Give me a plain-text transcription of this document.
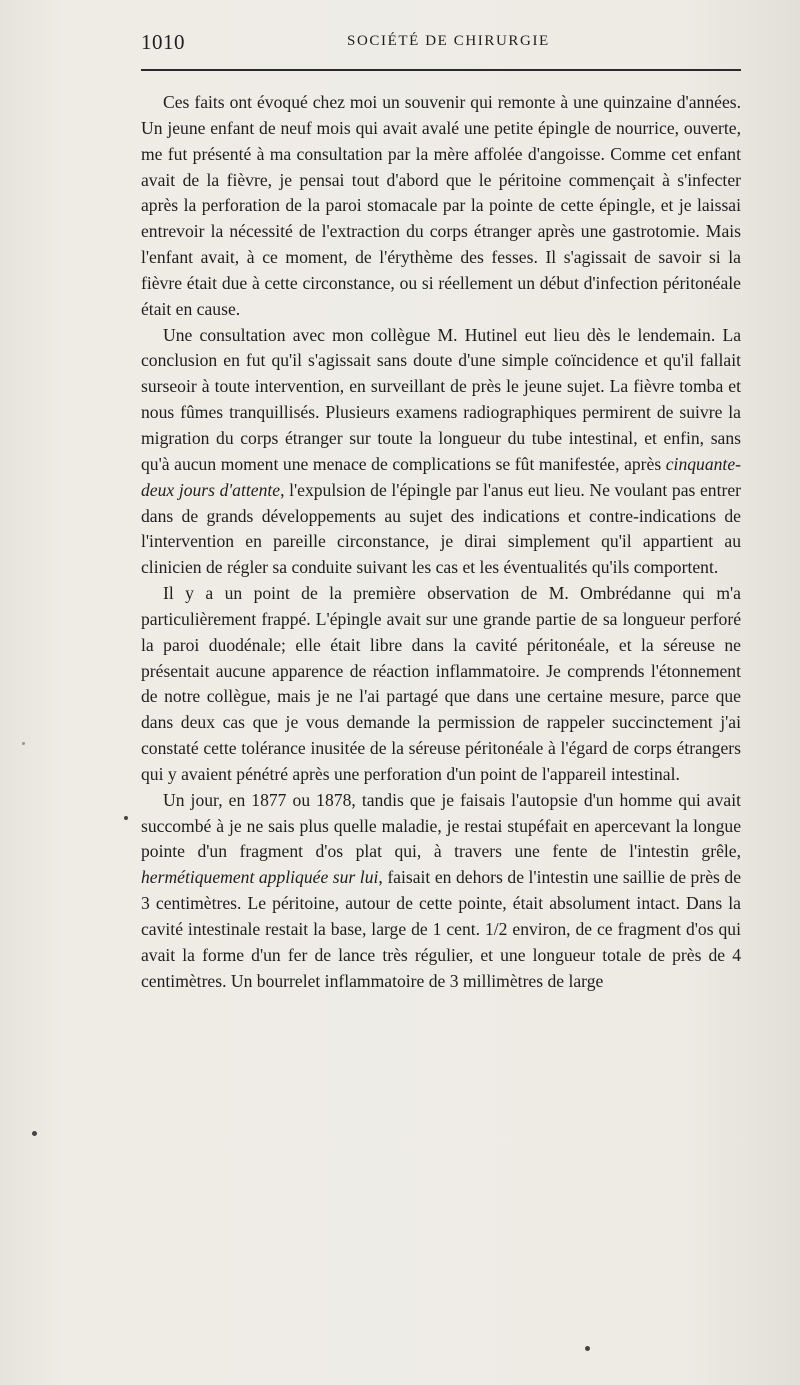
1010	SOCIÉTÉ DE CHIRURGIE

Ces faits ont évoqué chez moi un souvenir qui remonte à une quinzaine d'années. Un jeune enfant de neuf mois qui avait avalé une petite épingle de nourrice, ouverte, me fut présenté à ma consultation par la mère affolée d'angoisse. Comme cet enfant avait de la fièvre, je pensai tout d'abord que le péritoine commençait à s'infecter après la perforation de la paroi stomacale par la pointe de cette épingle, et je laissai entrevoir la nécessité de l'extraction du corps étranger après une gastrotomie. Mais l'enfant avait, à ce moment, de l'érythème des fesses. Il s'agissait de savoir si la fièvre était due à cette circonstance, ou si réellement un début d'infection péritonéale était en cause.

Une consultation avec mon collègue M. Hutinel eut lieu dès le lendemain. La conclusion en fut qu'il s'agissait sans doute d'une simple coïncidence et qu'il fallait surseoir à toute intervention, en surveillant de près le jeune sujet. La fièvre tomba et nous fûmes tranquillisés. Plusieurs examens radiographiques permirent de suivre la migration du corps étranger sur toute la longueur du tube intestinal, et enfin, sans qu'à aucun moment une menace de complications se fût manifestée, après cinquante-deux jours d'attente, l'expulsion de l'épingle par l'anus eut lieu. Ne voulant pas entrer dans de grands développements au sujet des indications et contre-indications de l'intervention en pareille circonstance, je dirai simplement qu'il appartient au clinicien de régler sa conduite suivant les cas et les éventualités qu'ils comportent.

Il y a un point de la première observation de M. Ombrédanne qui m'a particulièrement frappé. L'épingle avait sur une grande partie de sa longueur perforé la paroi duodénale; elle était libre dans la cavité péritonéale, et la séreuse ne présentait aucune apparence de réaction inflammatoire. Je comprends l'étonnement de notre collègue, mais je ne l'ai partagé que dans une certaine mesure, parce que dans deux cas que je vous demande la permission de rappeler succinctement j'ai constaté cette tolérance inusitée de la séreuse péritonéale à l'égard de corps étrangers qui y avaient pénétré après une perforation d'un point de l'appareil intestinal.

Un jour, en 1877 ou 1878, tandis que je faisais l'autopsie d'un homme qui avait succombé à je ne sais plus quelle maladie, je restai stupéfait en apercevant la longue pointe d'un fragment d'os plat qui, à travers une fente de l'intestin grêle, hermétiquement appliquée sur lui, faisait en dehors de l'intestin une saillie de près de 3 centimètres. Le péritoine, autour de cette pointe, était absolument intact. Dans la cavité intestinale restait la base, large de 1 cent. 1/2 environ, de ce fragment d'os qui avait la forme d'un fer de lance très régulier, et une longueur totale de près de 4 centimètres. Un bourrelet inflammatoire de 3 millimètres de large
